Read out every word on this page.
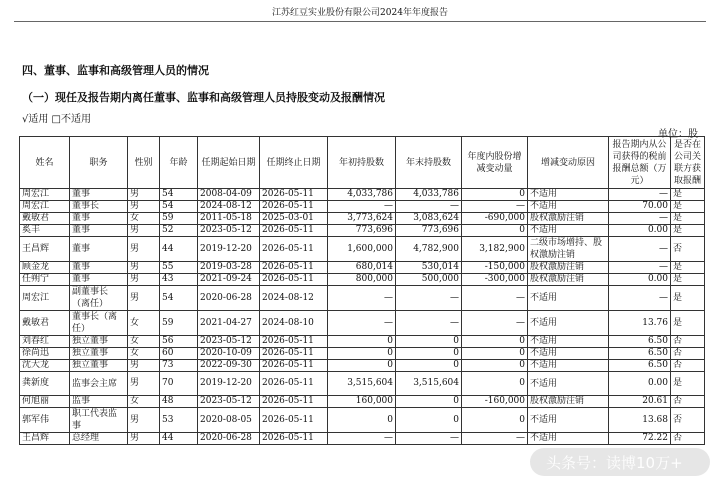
江苏红豆实业股份有限公司2024年年度报告
四、董事、监事和高级管理人员的情况
（一）现任及报告期内离任董事、监事和高级管理人员持股变动及报酬情况
√适用 □不适用
单位：股
姓名	职务	性别	年龄	任期起始日期	任期终止日期	年初持股数	年末持股数	年度内股份增减变动量	增减变动原因	报告期内从公司获得的税前报酬总额（万元）	是否在公司关联方获取报酬
周宏江	董事	男	54	2008-04-09	2026-05-11	4,033,786	4,033,786	0	不适用	—	是
周宏江	董事长	男	54	2024-08-12	2026-05-11	—	—	—	不适用	70.00	是
戴敏君	董事	女	59	2011-05-18	2025-03-01	3,773,624	3,083,624	-690,000	股权激励注销	—	是
奚丰	董事	男	52	2023-05-12	2026-05-11	773,696	773,696	0	不适用	0.00	是
王昌辉	董事	男	44	2019-12-20	2026-05-11	1,600,000	4,782,900	3,182,900	二级市场增持、股权激励注销	—	否
顾金龙	董事	男	55	2019-03-28	2026-05-11	680,014	530,014	-150,000	股权激励注销	—	是
任朔宁	董事	男	43	2021-09-24	2026-05-11	800,000	500,000	-300,000	股权激励注销	0.00	是
周宏江	副董事长（离任）	男	54	2020-06-28	2024-08-12	—	—	—	不适用	—	是
戴敏君	董事长（离任）	女	59	2021-04-27	2024-08-10	—	—	—	不适用	13.76	是
刘春红	独立董事	女	56	2023-05-12	2026-05-11	0	0	0	不适用	6.50	否
徐尚迅	独立董事	女	60	2020-10-09	2026-05-11	0	0	0	不适用	6.50	否
沈大龙	独立董事	男	73	2022-09-30	2026-05-11	0	0	0	不适用	6.50	否
龚新度	监事会主席	男	70	2019-12-20	2026-05-11	3,515,604	3,515,604	0	不适用	0.00	是
何旭丽	监事	女	48	2023-05-12	2026-05-11	160,000	0	-160,000	股权激励注销	20.61	否
郭军伟	职工代表监事	男	53	2020-08-05	2026-05-11	0	0	0	不适用	13.68	否
王昌辉	总经理	男	44	2020-06-28	2026-05-11	—	—	—	不适用	72.22	否
头条号：读博10万+
